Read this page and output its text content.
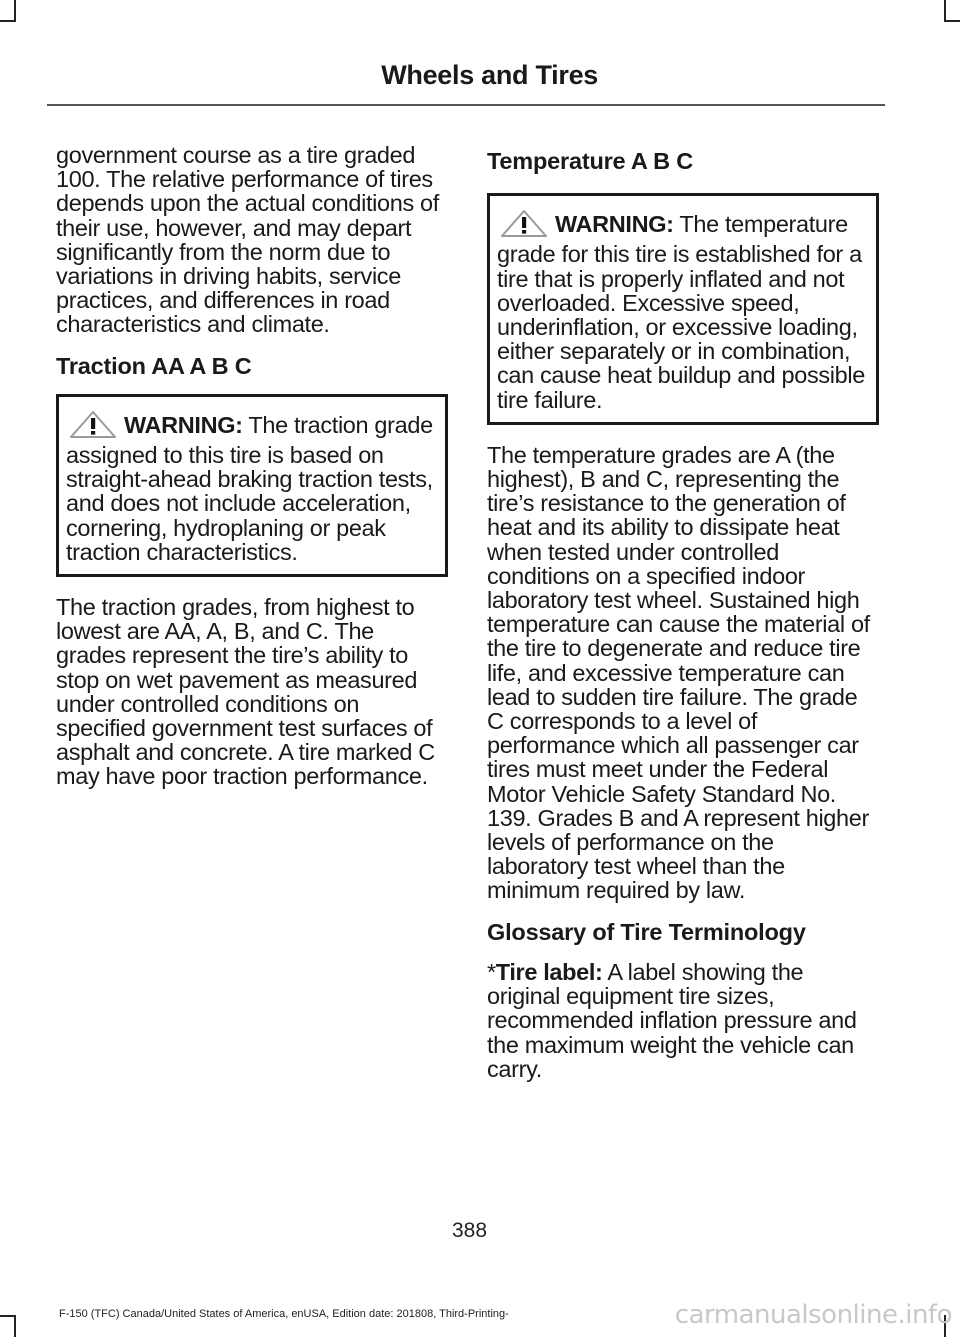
Wheels and Tires

government course as a tire graded 100. The relative performance of tires depends upon the actual conditions of their use, however, and may depart significantly from the norm due to variations in driving habits, service practices, and differences in road characteristics and climate.

Traction AA A B C
WARNING: The traction grade assigned to this tire is based on straight-ahead braking traction tests, and does not include acceleration, cornering, hydroplaning or peak traction characteristics.

The traction grades, from highest to lowest are AA, A, B, and C. The grades represent the tire’s ability to stop on wet pavement as measured under controlled conditions on specified government test surfaces of asphalt and concrete. A tire marked C may have poor traction performance.

Temperature A B C
WARNING: The temperature grade for this tire is established for a tire that is properly inflated and not overloaded. Excessive speed, underinflation, or excessive loading, either separately or in combination, can cause heat buildup and possible tire failure.

The temperature grades are A (the highest), B and C, representing the tire’s resistance to the generation of heat and its ability to dissipate heat when tested under controlled conditions on a specified indoor laboratory test wheel. Sustained high temperature can cause the material of the tire to degenerate and reduce tire life, and excessive temperature can lead to sudden tire failure. The grade C corresponds to a level of performance which all passenger car tires must meet under the Federal Motor Vehicle Safety Standard No. 139. Grades B and A represent higher levels of performance on the laboratory test wheel than the minimum required by law.

Glossary of Tire Terminology

*Tire label: A label showing the original equipment tire sizes, recommended inflation pressure and the maximum weight the vehicle can carry.

388
F-150 (TFC) Canada/United States of America, enUSA, Edition date: 201808, Third-Printing-	carmanualsonline.info
